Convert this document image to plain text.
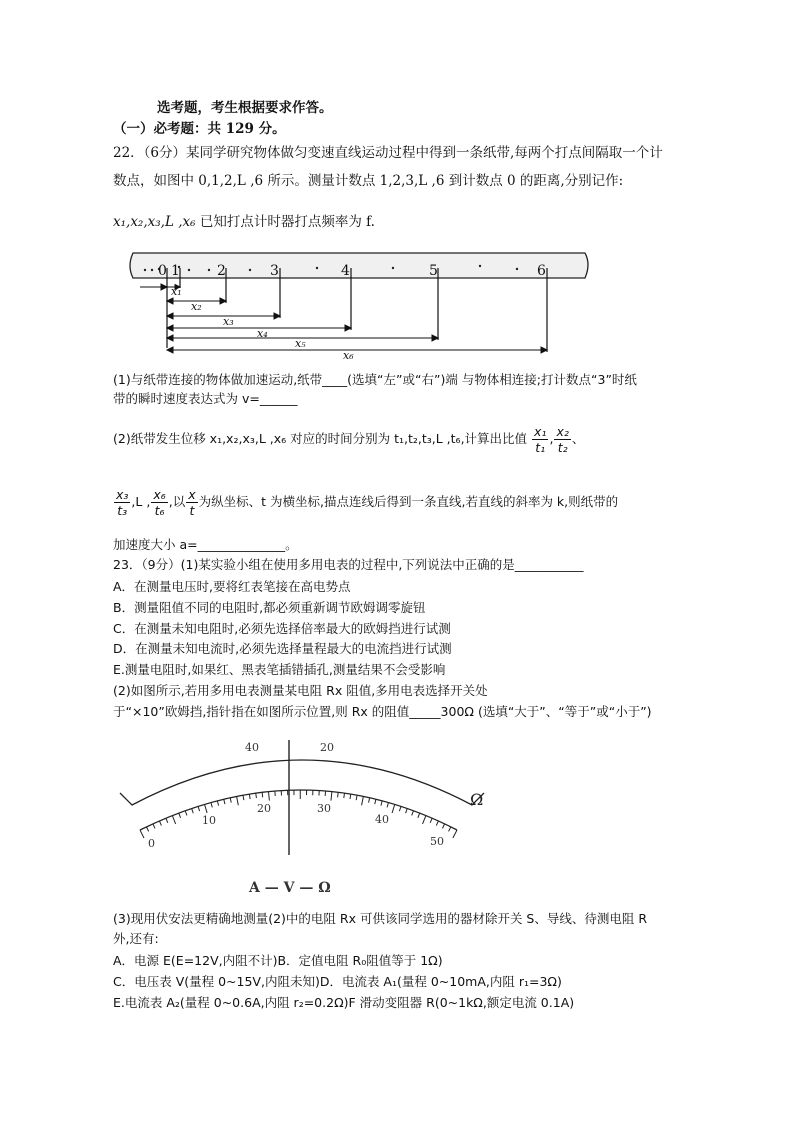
选考题，考生根据要求作答。
（一）必考题：共 129 分。
22．（6分）某同学研究物体做匀变速直线运动过程中得到一条纸带,每两个打点间隔取一个计
数点，如图中 0,1,2,L ,6 所示。测量计数点 1,2,3,L ,6 到计数点 0 的距离,分别记作:
x₁,x₂,x₃,L ,x₆ 已知打点计时器打点频率为 f.
0 1	2	3	4	5	6
x₁
x₂
x₃
x₄
x₅
x₆
(1)与纸带连接的物体做加速运动,纸带____(选填“左”或“右”)端 与物体相连接;打计数点“3”时纸
带的瞬时速度表达式为 v=______
(2)纸带发生位移 x₁,x₂,x₃,L ,x₆ 对应的时间分别为 t₁,t₂,t₃,L ,t₆,计算出比值 $\frac{\text{x₁}}{\text{t₁}}$ , $\frac{\text{x₂}}{\text{t₂}}$ 、
$\frac{\text{x₃}}{\text{t₃}} ,L$ , $\frac{\text{x₆}}{\text{t₆}}$ ,以 $\frac{x}{t}$ 为纵坐标、t 为横坐标,描点连线后得到一条直线,若直线的斜率为 k,则纸带的
加速度大小 a=______________。
23．（9分）(1)某实验小组在使用多用电表的过程中,下列说法中正确的是___________
A．在测量电压时,要将红表笔接在高电势点
B．测量阻值不同的电阻时,都必须重新调节欧姆调零旋钮
C．在测量未知电阻时,必须先选择倍率最大的欧姆挡进行试测
D．在测量未知电流时,必须先选择量程最大的电流挡进行试测
E.测量电阻时,如果红、黑表笔插错插孔,测量结果不会受影响
(2)如图所示,若用多用电表测量某电阻 Rx 阻值,多用电表选择开关处
于“×10”欧姆挡,指针指在如图所示位置,则 Rx 的阻值_____300Ω (选填“大于”、“等于”或“小于”)
40	20
0
10
20	30
40
50
Ω
A — V — Ω
(3)现用伏安法更精确地测量(2)中的电阻 Rx 可供该同学选用的器材除开关 S、导线、待测电阻 R
外,还有:
A．电源 E(E=12V,内阻不计)B．定值电阻 R₀阻值等于 1Ω)
C．电压表 V(量程 0~15V,内阻未知)D．电流表 A₁(量程 0~10mA,内阻 r₁=3Ω)
E.电流表 A₂(量程 0~0.6A,内阻 r₂=0.2Ω)F 滑动变阻器 R(0~1kΩ,额定电流 0.1A)
